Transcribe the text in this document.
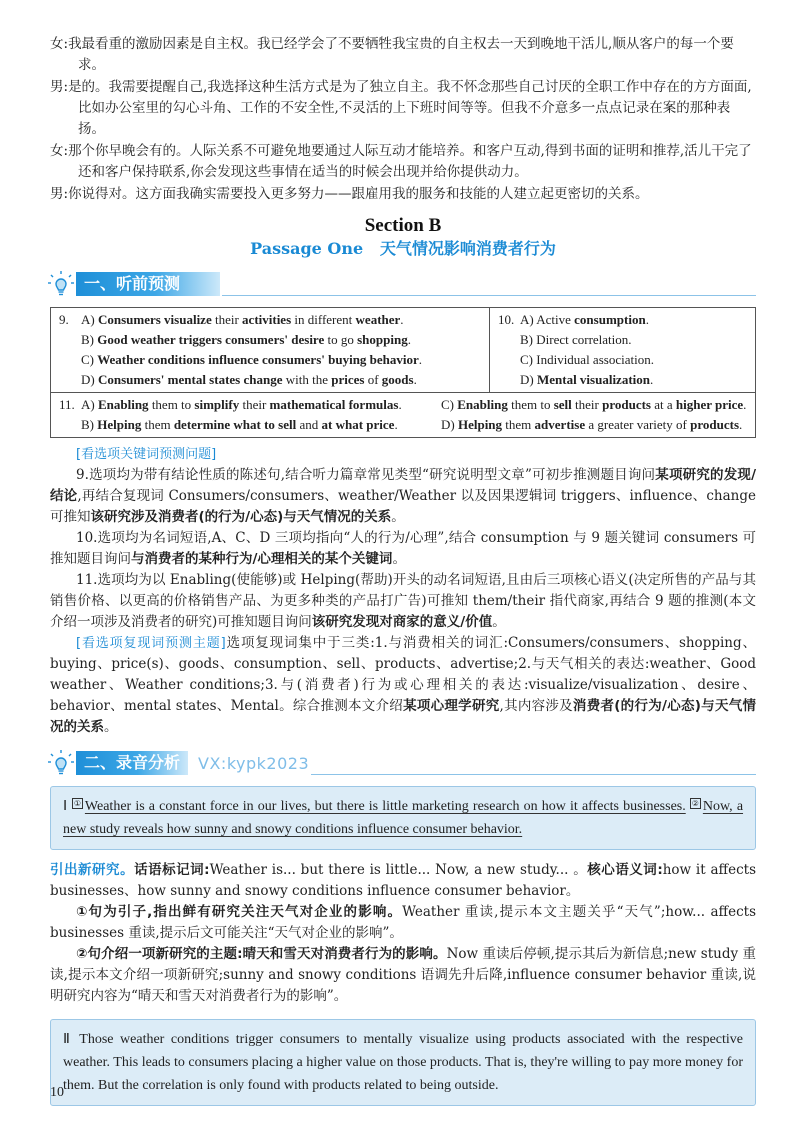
女:我最看重的激励因素是自主权。我已经学会了不要牺牲我宝贵的自主权去一天到晚地干活儿,顺从客户的每一个要求。

男:是的。我需要提醒自己,我选择这种生活方式是为了独立自主。我不怀念那些自己讨厌的全职工作中存在的方方面面,比如办公室里的勾心斗角、工作的不安全性,不灵活的上下班时间等等。但我不介意多一点点记录在案的那种表扬。

女:那个你早晚会有的。人际关系不可避免地要通过人际互动才能培养。和客户互动,得到书面的证明和推荐,活儿干完了还和客户保持联系,你会发现这些事情在适当的时候会出现并给你提供动力。

男:你说得对。这方面我确实需要投入更多努力——跟雇用我的服务和技能的人建立起更密切的关系。

Section B
Passage One 天气情况影响消费者行为
一、听前预测
9. A) Consumers visualize their activities in different weather.
B) Good weather triggers consumers' desire to go shopping.
C) Weather conditions influence consumers' buying behavior.
D) Consumers' mental states change with the prices of goods.
10. A) Active consumption.
B) Direct correlation.
C) Individual association.
D) Mental visualization.
11. A) Enabling them to simplify their mathematical formulas.	C) Enabling them to sell their products at a higher price.
B) Helping them determine what to sell and at what price.	D) Helping them advertise a greater variety of products.
[看选项关键词预测问题]

9.选项均为带有结论性质的陈述句,结合听力篇章常见类型“研究说明型文章”可初步推测题目询问某项研究的发现/结论,再结合复现词 Consumers/consumers、weather/Weather 以及因果逻辑词 triggers、influence、change 可推知该研究涉及消费者(的行为/心态)与天气情况的关系。

10.选项均为名词短语,A、C、D 三项均指向“人的行为/心理”,结合 consumption 与 9 题关键词 consumers 可推知题目询问与消费者的某种行为/心理相关的某个关键词。

11.选项均为以 Enabling(使能够)或 Helping(帮助)开头的动名词短语,且由后三项核心语义(决定所售的产品与其销售价格、以更高的价格销售产品、为更多种类的产品打广告)可推知 them/their 指代商家,再结合 9 题的推测(本文介绍一项涉及消费者的研究)可推知题目询问该研究发现对商家的意义/价值。

[看选项复现词预测主题]选项复现词集中于三类:1.与消费相关的词汇:Consumers/consumers、shopping、buying、price(s)、goods、consumption、sell、products、advertise;2.与天气相关的表达:weather、Good weather、Weather conditions;3.与(消费者)行为或心理相关的表达:visualize/visualization、desire、behavior、mental states、Mental。综合推测本文介绍某项心理学研究,其内容涉及消费者(的行为/心态)与天气情况的关系。

二、录音分析	VX:kypk2023
Ⅰ ① Weather is a constant force in our lives, but there is little marketing research on how it affects businesses. ② Now, a new study reveals how sunny and snowy conditions influence consumer behavior.

引出新研究。话语标记词:Weather is... but there is little... Now, a new study... 。核心语义词:how it affects businesses、how sunny and snowy conditions influence consumer behavior。

①句为引子,指出鲜有研究关注天气对企业的影响。Weather 重读,提示本文主题关乎“天气”;how... affects businesses 重读,提示后文可能关注“天气对企业的影响”。

②句介绍一项新研究的主题:晴天和雪天对消费者行为的影响。Now 重读后停顿,提示其后为新信息;new study 重读,提示本文介绍一项新研究;sunny and snowy conditions 语调先升后降,influence consumer behavior 重读,说明研究内容为“晴天和雪天对消费者行为的影响”。

Ⅱ Those weather conditions trigger consumers to mentally visualize using products associated with the respective weather. This leads to consumers placing a higher value on those products. That is, they're willing to pay more money for them. But the correlation is only found with products related to being outside.
10
